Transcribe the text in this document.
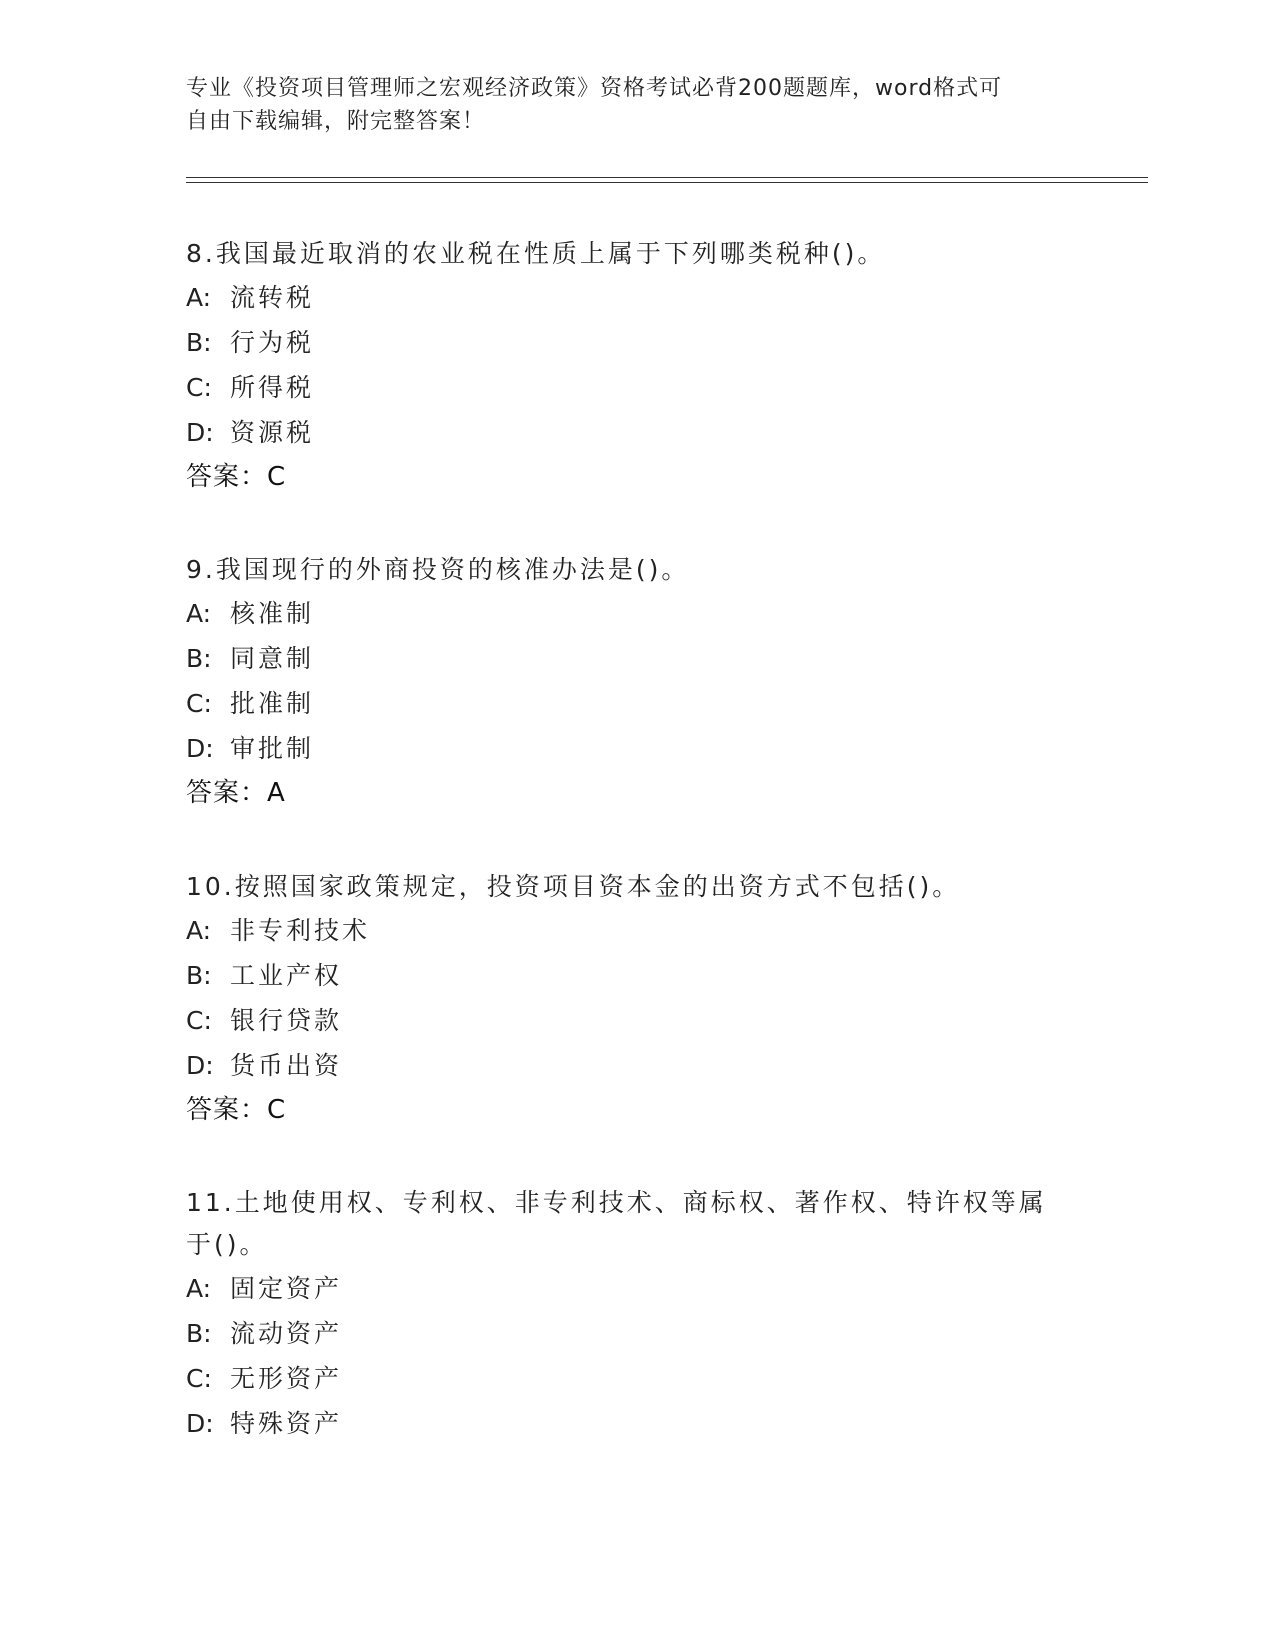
专业《投资项目管理师之宏观经济政策》资格考试必背200题题库，word格式可
自由下载编辑，附完整答案！
8.我国最近取消的农业税在性质上属于下列哪类税种()。
A: 流转税
B: 行为税
C: 所得税
D: 资源税
答案：C
9.我国现行的外商投资的核准办法是()。
A: 核准制
B: 同意制
C: 批准制
D: 审批制
答案：A
10.按照国家政策规定，投资项目资本金的出资方式不包括()。
A: 非专利技术
B: 工业产权
C: 银行贷款
D: 货币出资
答案：C
11.土地使用权、专利权、非专利技术、商标权、著作权、特许权等属
于()。
A: 固定资产
B: 流动资产
C: 无形资产
D: 特殊资产
